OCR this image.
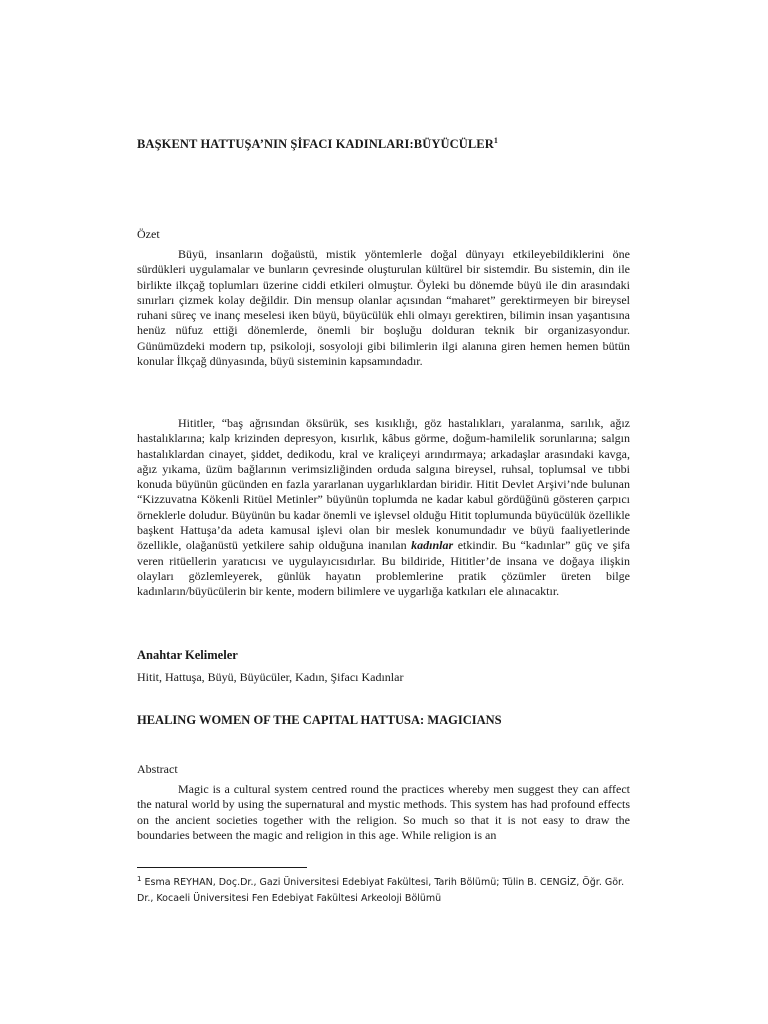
BAŞKENT HATTUŞA’NIN ŞİFACI KADINLARI:BÜYÜCÜLER$^1$
Özet

Büyü, insanların doğaüstü, mistik yöntemlerle doğal dünyayı etkileyebildiklerini öne sürdükleri uygulamalar ve bunların çevresinde oluşturulan kültürel bir sistemdir. Bu sistemin, din ile birlikte ilkçağ toplumları üzerine ciddi etkileri olmuştur. Öyleki bu dönemde büyü ile din arasındaki sınırları çizmek kolay değildir. Din mensup olanlar açısından “maharet” gerektirmeyen bir bireysel ruhani süreç ve inanç meselesi iken büyü, büyücülük ehli olmayı gerektiren, bilimin insan yaşantısına henüz nüfuz ettiği dönemlerde, önemli bir boşluğu dolduran teknik bir organizasyondur. Günümüzdeki modern tıp, psikoloji, sosyoloji gibi bilimlerin ilgi alanına giren hemen hemen bütün konular İlkçağ dünyasında, büyü sisteminin kapsamındadır.

Hititler, “baş ağrısından öksürük, ses kısıklığı, göz hastalıkları, yaralanma, sarılık, ağız hastalıklarına; kalp krizinden depresyon, kısırlık, kâbus görme, doğum-hamilelik sorunlarına; salgın hastalıklardan cinayet, şiddet, dedikodu, kral ve kraliçeyi arındırmaya; arkadaşlar arasındaki kavga, ağız yıkama, üzüm bağlarının verimsizliğinden orduda salgına bireysel, ruhsal, toplumsal ve tıbbi konuda büyünün gücünden en fazla yararlanan uygarlıklardan biridir. Hitit Devlet Arşivi’nde bulunan “Kizzuvatna Kökenli Ritüel Metinler” büyünün toplumda ne kadar kabul gördüğünü gösteren çarpıcı örneklerle doludur. Büyünün bu kadar önemli ve işlevsel olduğu Hitit toplumunda büyücülük özellikle başkent Hattuşa’da adeta kamusal işlevi olan bir meslek konumundadır ve büyü faaliyetlerinde özellikle, olağanüstü yetkilere sahip olduğuna inanılan kadınlar etkindir. Bu “kadınlar” güç ve şifa veren ritüellerin yaratıcısı ve uygulayıcısıdırlar. Bu bildiride, Hititler’de insana ve doğaya ilişkin olayları gözlemleyerek, günlük hayatın problemlerine pratik çözümler üreten bilge kadınların/büyücülerin bir kente, modern bilimlere ve uygarlığa katkıları ele alınacaktır.

Anahtar Kelimeler
Hitit, Hattuşa, Büyü, Büyücüler, Kadın, Şifacı Kadınlar
HEALING WOMEN OF THE CAPITAL HATTUSA: MAGICIANS
Abstract

Magic is a cultural system centred round the practices whereby men suggest they can affect the natural world by using the supernatural and mystic methods. This system has had profound effects on the ancient societies together with the religion. So much so that it is not easy to draw the boundaries between the magic and religion in this age. While religion is an

$^1$ Esma REYHAN, Doç.Dr., Gazi Üniversitesi Edebiyat Fakültesi, Tarih Bölümü; Tülin B. CENGİZ, Öğr. Gör. Dr., Kocaeli Üniversitesi Fen Edebiyat Fakültesi Arkeoloji Bölümü
